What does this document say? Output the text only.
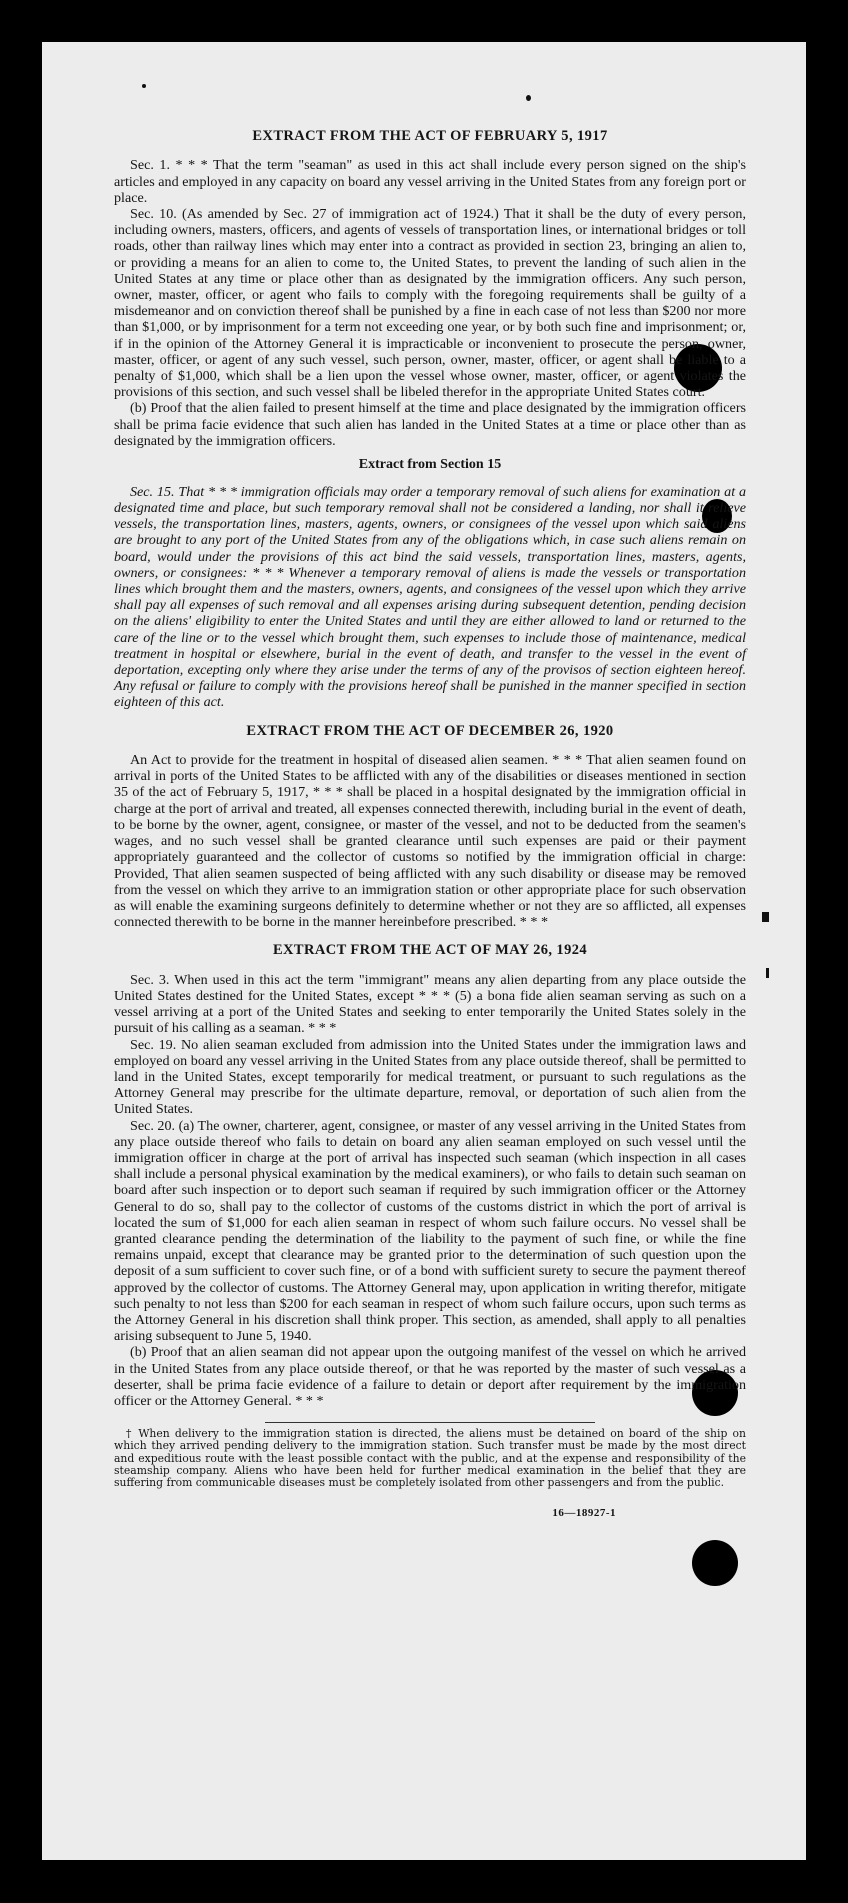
EXTRACT FROM THE ACT OF FEBRUARY 5, 1917

Sec. 1. * * * That the term "seaman" as used in this act shall include every person signed on the ship's articles and employed in any capacity on board any vessel arriving in the United States from any foreign port or place.

Sec. 10. (As amended by Sec. 27 of immigration act of 1924.) That it shall be the duty of every person, including owners, masters, officers, and agents of vessels of transportation lines, or international bridges or toll roads, other than railway lines which may enter into a contract as provided in section 23, bringing an alien to, or providing a means for an alien to come to, the United States, to prevent the landing of such alien in the United States at any time or place other than as designated by the immigration officers. Any such person, owner, master, officer, or agent who fails to comply with the foregoing requirements shall be guilty of a misdemeanor and on conviction thereof shall be punished by a fine in each case of not less than $200 nor more than $1,000, or by imprisonment for a term not exceeding one year, or by both such fine and imprisonment; or, if in the opinion of the Attorney General it is impracticable or inconvenient to prosecute the person, owner, master, officer, or agent of any such vessel, such person, owner, master, officer, or agent shall be liable to a penalty of $1,000, which shall be a lien upon the vessel whose owner, master, officer, or agent violates the provisions of this section, and such vessel shall be libeled therefor in the appropriate United States court.

(b) Proof that the alien failed to present himself at the time and place designated by the immigration officers shall be prima facie evidence that such alien has landed in the United States at a time or place other than as designated by the immigration officers.

Extract from Section 15

Sec. 15. That * * * immigration officials may order a temporary removal of such aliens for examination at a designated time and place, but such temporary removal shall not be considered a landing, nor shall it relieve vessels, the transportation lines, masters, agents, owners, or consignees of the vessel upon which said aliens are brought to any port of the United States from any of the obligations which, in case such aliens remain on board, would under the provisions of this act bind the said vessels, transportation lines, masters, agents, owners, or consignees: * * * Whenever a temporary removal of aliens is made the vessels or transportation lines which brought them and the masters, owners, agents, and consignees of the vessel upon which they arrive shall pay all expenses of such removal and all expenses arising during subsequent detention, pending decision on the aliens' eligibility to enter the United States and until they are either allowed to land or returned to the care of the line or to the vessel which brought them, such expenses to include those of maintenance, medical treatment in hospital or elsewhere, burial in the event of death, and transfer to the vessel in the event of deportation, excepting only where they arise under the terms of any of the provisos of section eighteen hereof. Any refusal or failure to comply with the provisions hereof shall be punished in the manner specified in section eighteen of this act.

EXTRACT FROM THE ACT OF DECEMBER 26, 1920

An Act to provide for the treatment in hospital of diseased alien seamen. * * * That alien seamen found on arrival in ports of the United States to be afflicted with any of the disabilities or diseases mentioned in section 35 of the act of February 5, 1917, * * * shall be placed in a hospital designated by the immigration official in charge at the port of arrival and treated, all expenses connected therewith, including burial in the event of death, to be borne by the owner, agent, consignee, or master of the vessel, and not to be deducted from the seamen's wages, and no such vessel shall be granted clearance until such expenses are paid or their payment appropriately guaranteed and the collector of customs so notified by the immigration official in charge: Provided, That alien seamen suspected of being afflicted with any such disability or disease may be removed from the vessel on which they arrive to an immigration station or other appropriate place for such observation as will enable the examining surgeons definitely to determine whether or not they are so afflicted, all expenses connected therewith to be borne in the manner hereinbefore prescribed. * * *

EXTRACT FROM THE ACT OF MAY 26, 1924

Sec. 3. When used in this act the term "immigrant" means any alien departing from any place outside the United States destined for the United States, except * * * (5) a bona fide alien seaman serving as such on a vessel arriving at a port of the United States and seeking to enter temporarily the United States solely in the pursuit of his calling as a seaman. * * *

Sec. 19. No alien seaman excluded from admission into the United States under the immigration laws and employed on board any vessel arriving in the United States from any place outside thereof, shall be permitted to land in the United States, except temporarily for medical treatment, or pursuant to such regulations as the Attorney General may prescribe for the ultimate departure, removal, or deportation of such alien from the United States.

Sec. 20. (a) The owner, charterer, agent, consignee, or master of any vessel arriving in the United States from any place outside thereof who fails to detain on board any alien seaman employed on such vessel until the immigration officer in charge at the port of arrival has inspected such seaman (which inspection in all cases shall include a personal physical examination by the medical examiners), or who fails to detain such seaman on board after such inspection or to deport such seaman if required by such immigration officer or the Attorney General to do so, shall pay to the collector of customs of the customs district in which the port of arrival is located the sum of $1,000 for each alien seaman in respect of whom such failure occurs. No vessel shall be granted clearance pending the determination of the liability to the payment of such fine, or while the fine remains unpaid, except that clearance may be granted prior to the determination of such question upon the deposit of a sum sufficient to cover such fine, or of a bond with sufficient surety to secure the payment thereof approved by the collector of customs. The Attorney General may, upon application in writing therefor, mitigate such penalty to not less than $200 for each seaman in respect of whom such failure occurs, upon such terms as the Attorney General in his discretion shall think proper. This section, as amended, shall apply to all penalties arising subsequent to June 5, 1940.

(b) Proof that an alien seaman did not appear upon the outgoing manifest of the vessel on which he arrived in the United States from any place outside thereof, or that he was reported by the master of such vessel as a deserter, shall be prima facie evidence of a failure to detain or deport after requirement by the immigration officer or the Attorney General. * * *

† When delivery to the immigration station is directed, the aliens must be detained on board of the ship on which they arrived pending delivery to the immigration station. Such transfer must be made by the most direct and expeditious route with the least possible contact with the public, and at the expense and responsibility of the steamship company. Aliens who have been held for further medical examination in the belief that they are suffering from communicable diseases must be completely isolated from other passengers and from the public.

16—18927-1
